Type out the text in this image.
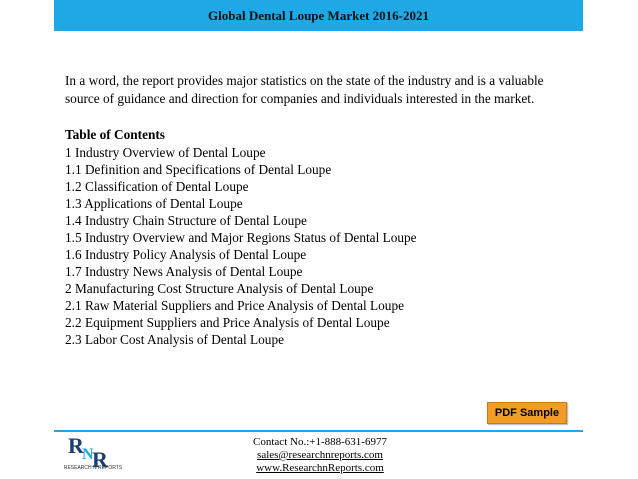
Global Dental Loupe Market 2016-2021
In a word, the report provides major statistics on the state of the industry and is a valuable source of guidance and direction for companies and individuals interested in the market.
Table of Contents
1 Industry Overview of Dental Loupe
1.1 Definition and Specifications of Dental Loupe
1.2 Classification of Dental Loupe
1.3 Applications of Dental Loupe
1.4 Industry Chain Structure of Dental Loupe
1.5 Industry Overview and Major Regions Status of Dental Loupe
1.6 Industry Policy Analysis of Dental Loupe
1.7 Industry News Analysis of Dental Loupe
2 Manufacturing Cost Structure Analysis of Dental Loupe
2.1 Raw Material Suppliers and Price Analysis of Dental Loupe
2.2 Equipment Suppliers and Price Analysis of Dental Loupe
2.3 Labor Cost Analysis of Dental Loupe
PDF Sample
R
N
R
RESEARCH N REPORTS
Contact No.:+1-888-631-6977
sales@researchnreports.com
www.ResearchnReports.com
